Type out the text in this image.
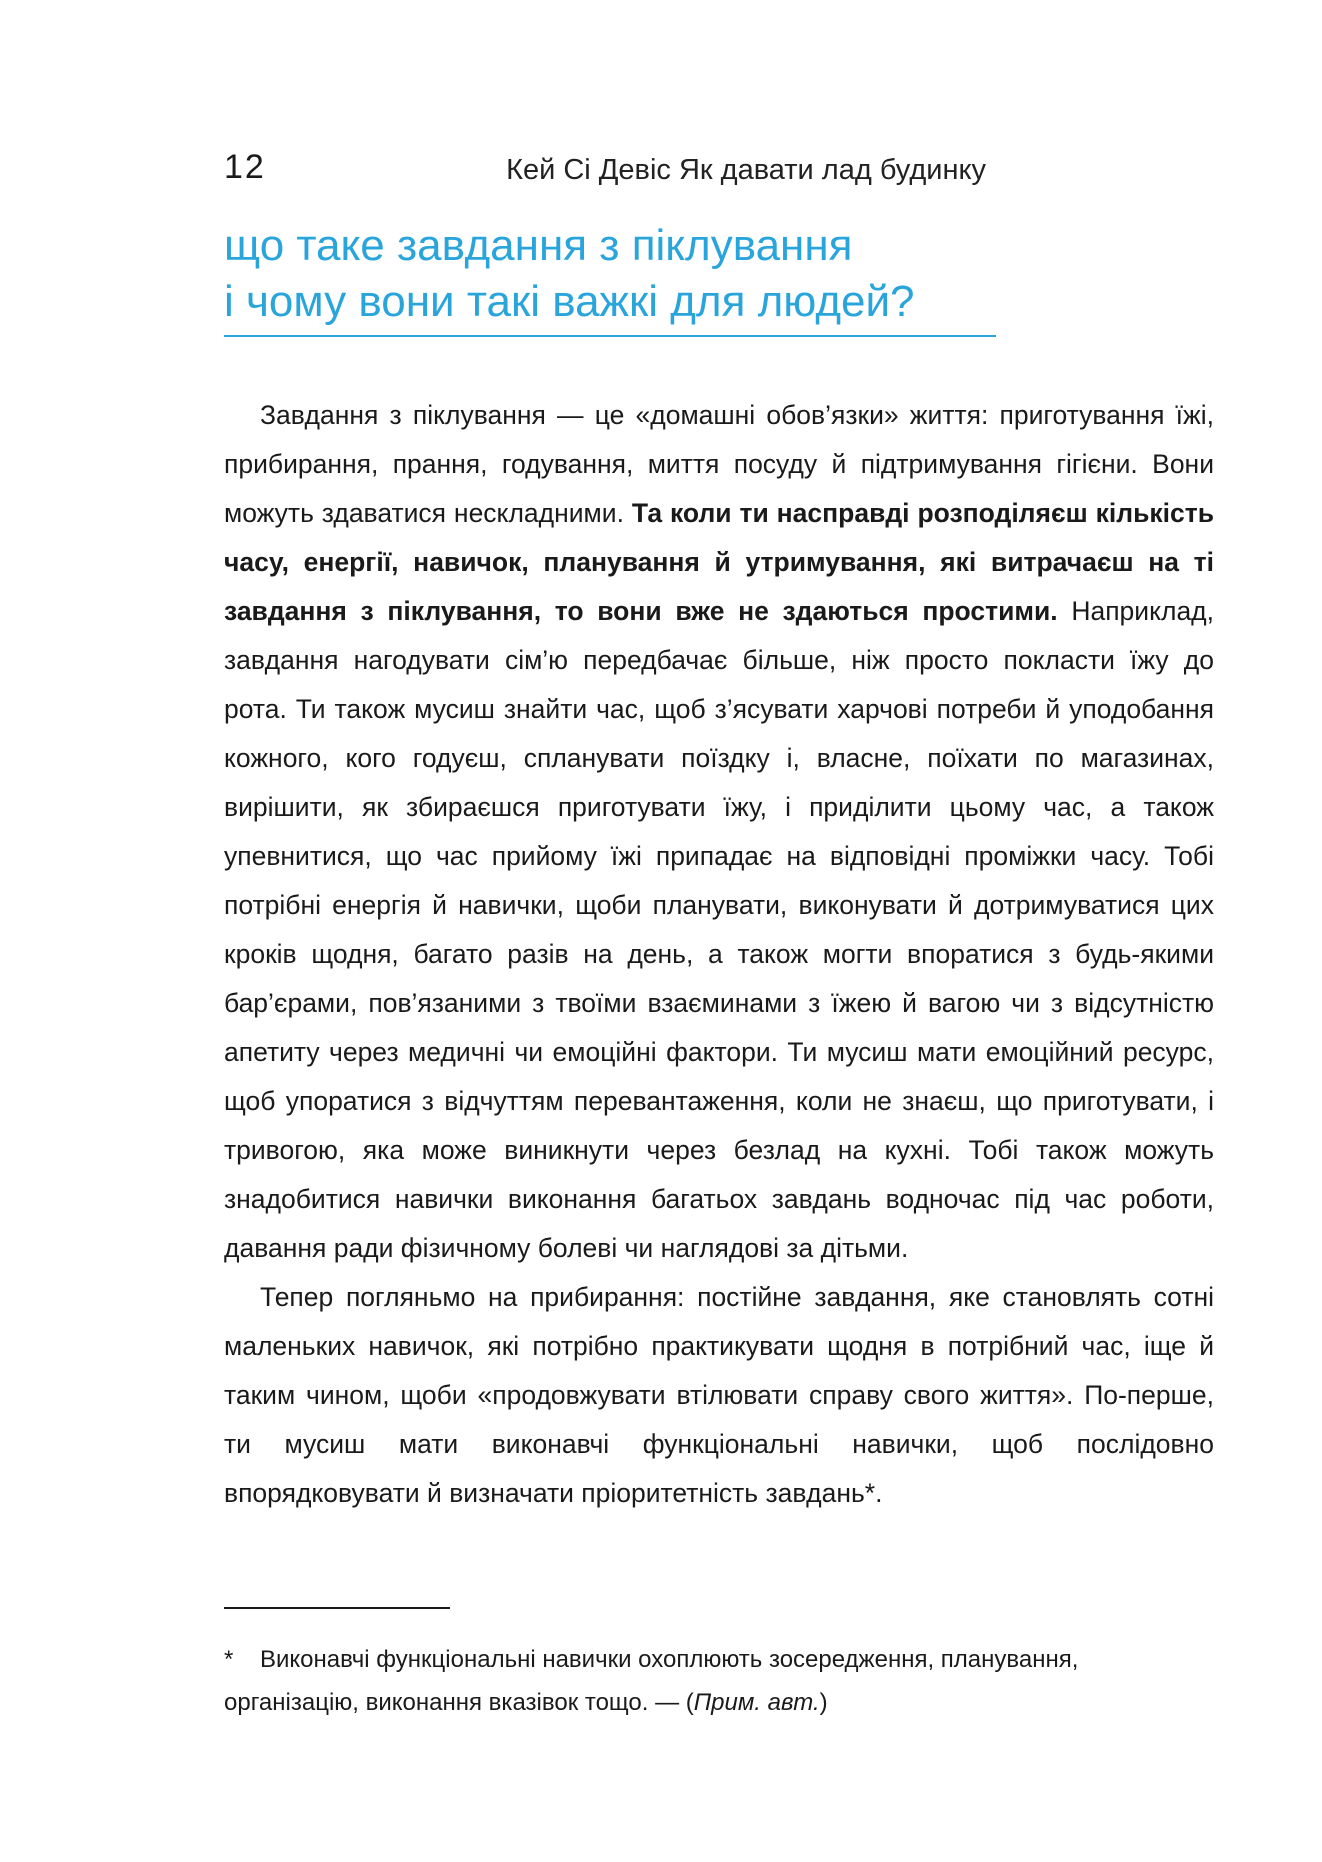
12	Кей Сі Девіс Як давати лад будинку
що таке завдання з піклування
і чому вони такі важкі для людей?

Завдання з піклування — це «домашні обов’язки» життя: приготування їжі, прибирання, прання, годування, миття посуду й підтримування гігієни. Вони можуть здаватися нескладними. Та коли ти насправді розподіляєш кількість часу, енергії, навичок, планування й утримування, які витрачаєш на ті завдання з піклування, то вони вже не здаються простими. Наприклад, завдання нагодувати сім’ю передбачає більше, ніж просто покласти їжу до рота. Ти також мусиш знайти час, щоб з’ясувати харчові потреби й уподобання кожного, кого годуєш, спланувати поїздку і, власне, поїхати по магазинах, вирішити, як збираєшся приготувати їжу, і приділити цьому час, а також упевнитися, що час прийому їжі припадає на відповідні проміжки часу. Тобі потрібні енергія й навички, щоби планувати, виконувати й дотримуватися цих кроків щодня, багато разів на день, а також могти впоратися з будь-якими бар’єрами, пов’язаними з твоїми взаєминами з їжею й вагою чи з відсутністю апетиту через медичні чи емоційні фактори. Ти мусиш мати емоційний ресурс, щоб упоратися з відчуттям перевантаження, коли не знаєш, що приготувати, і тривогою, яка може виникнути через безлад на кухні. Тобі також можуть знадобитися навички виконання багатьох завдань водночас під час роботи, давання ради фізичному болеві чи наглядові за дітьми.

Тепер погляньмо на прибирання: постійне завдання, яке становлять сотні маленьких навичок, які потрібно практикувати щодня в потрібний час, іще й таким чином, щоби «продовжувати втілювати справу свого життя». По-перше, ти мусиш мати виконавчі функціональні навички, щоб послідовно впорядковувати й визначати пріоритетність завдань*.

* Виконавчі функціональні навички охоплюють зосередження, планування, організацію, виконання вказівок тощо. — (Прим. авт.)
